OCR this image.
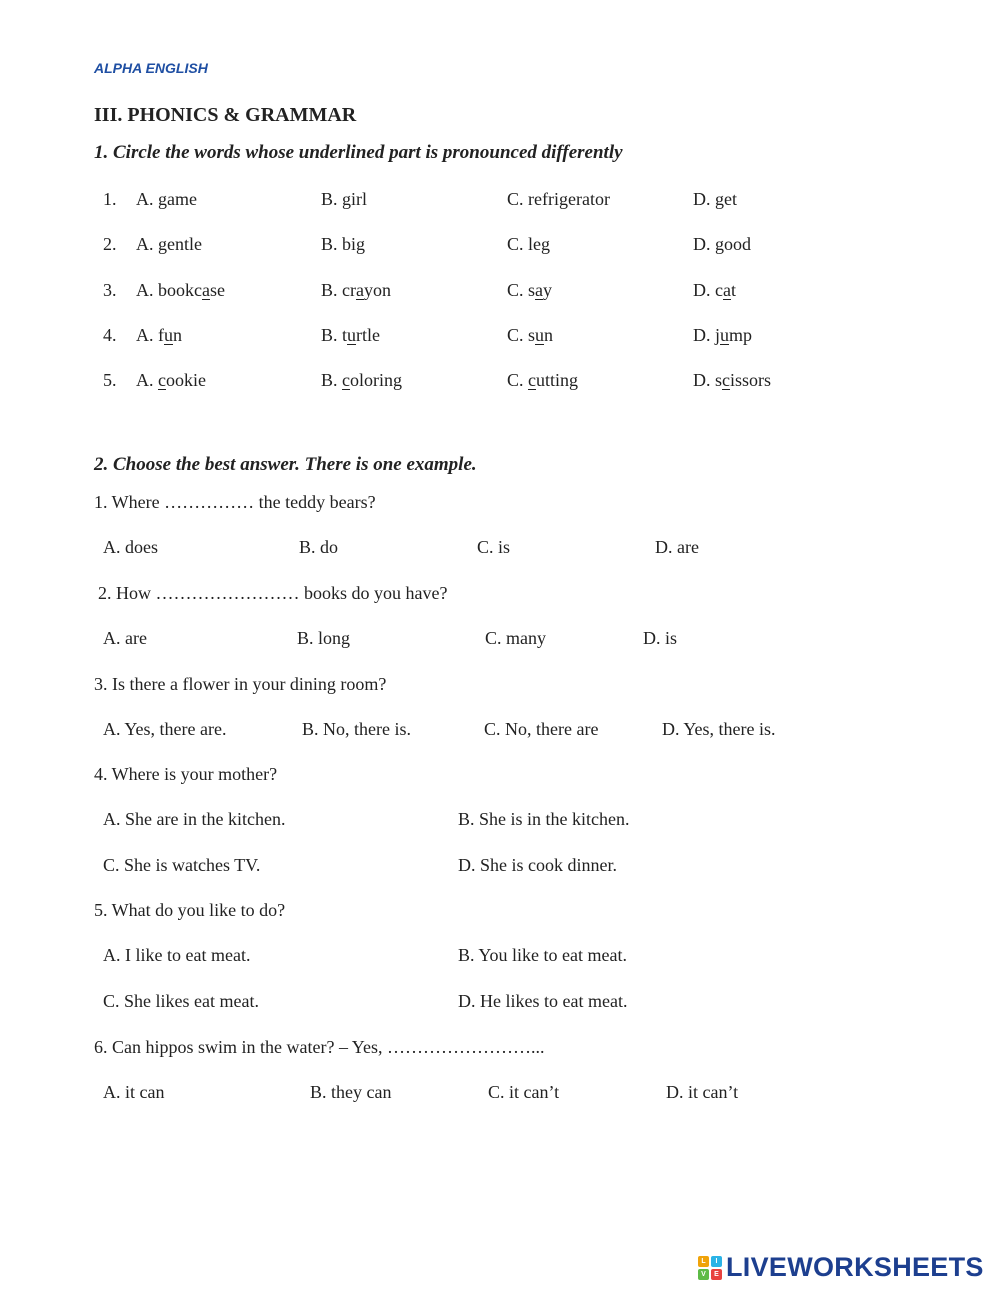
ALPHA ENGLISH
III. PHONICS & GRAMMAR
1. Circle the words whose underlined part is pronounced differently
1. A. game	B. girl	C. refrigerator	D. get
2. A. gentle	B. big	C. leg	D. good
3. A. bookcase	B. crayon	C. say	D. cat
4. A. fun	B. turtle	C. sun	D. jump
5. A. cookie	B. coloring	C. cutting	D. scissors
2. Choose the best answer. There is one example.
1. Where …………… the teddy bears?
A. does	B. do	C. is	D. are
2. How …………………… books do you have?
A. are	B. long	C. many	D. is
3. Is there a flower in your dining room?
A. Yes, there are.	B. No, there is.	C. No, there are	D. Yes, there is.
4. Where is your mother?
A. She are in the kitchen.	B. She is in the kitchen.
C. She is watches TV.	D. She is cook dinner.
5. What do you like to do?
A. I like to eat meat.	B. You like to eat meat.
C. She likes eat meat.	D. He likes to eat meat.
6. Can hippos swim in the water? – Yes, ……………………...
A. it can	B. they can	C. it can’t	D. it can’t
L	I
V	E LIVEWORKSHEETS
